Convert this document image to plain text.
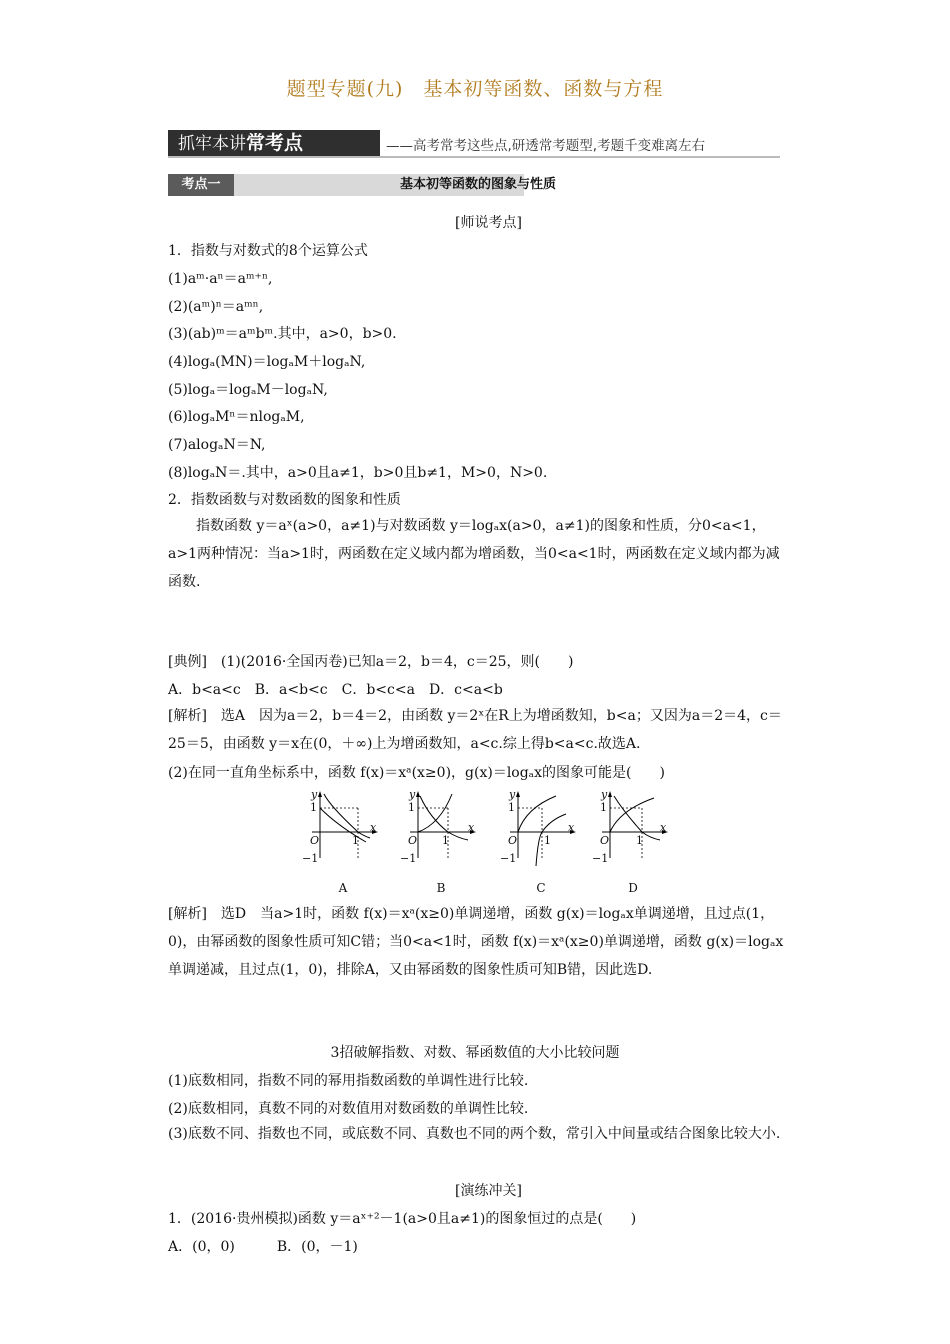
题型专题(九)　基本初等函数、函数与方程
抓牢本讲常考点	——高考常考这些点,研透常考题型,考题千变难离左右
考点一	基本初等函数的图象与性质
[师说考点]
1．指数与对数式的8个运算公式
(1)aᵐ·aⁿ＝aᵐ⁺ⁿ,
(2)(aᵐ)ⁿ＝aᵐⁿ,
(3)(ab)ᵐ＝aᵐbᵐ.其中，a>0，b>0.
(4)logₐ(MN)＝logₐM＋logₐN,
(5)logₐ＝logₐM－logₐN,
(6)logₐMⁿ＝nlogₐM,
(7)alogₐN＝N,
(8)logₐN＝.其中，a>0且a≠1，b>0且b≠1，M>0，N>0.
2．指数函数与对数函数的图象和性质
指数函数 y＝aˣ(a>0，a≠1)与对数函数 y＝logₐx(a>0，a≠1)的图象和性质，分0<a<1，a>1两种情况：当a>1时，两函数在定义域内都为增函数，当0<a<1时，两函数在定义域内都为减函数.
[典例]　(1)(2016·全国丙卷)已知a＝2，b＝4，c＝25，则(　　)
A．b<a<c　B．a<b<c　C．b<c<a　D．c<a<b
[解析]　选A　因为a＝2，b＝4＝2，由函数 y＝2ˣ在R上为增函数知，b<a；又因为a＝2＝4，c＝25＝5，由函数 y＝x在(0，＋∞)上为增函数知，a<c.综上得b<a<c.故选A.
(2)在同一直角坐标系中，函数 f(x)＝xᵃ(x≥0)，g(x)＝logₐx的图象可能是(　　)
y
x
1
O	1
−1
A
y
x
1
O 1
−1
B
y
x
1
O 1
−1
C
y
x
1
O 1
−1
D
[解析]　选D　当a>1时，函数 f(x)＝xᵃ(x≥0)单调递增，函数 g(x)＝logₐx单调递增，且过点(1，0)，由幂函数的图象性质可知C错；当0<a<1时，函数 f(x)＝xᵃ(x≥0)单调递增，函数 g(x)＝logₐx单调递减，且过点(1，0)，排除A，又由幂函数的图象性质可知B错，因此选D.
3招破解指数、对数、幂函数值的大小比较问题
(1)底数相同，指数不同的幂用指数函数的单调性进行比较.
(2)底数相同，真数不同的对数值用对数函数的单调性比较.
(3)底数不同、指数也不同，或底数不同、真数也不同的两个数，常引入中间量或结合图象比较大小.
[演练冲关]
1．(2016·贵州模拟)函数 y＝aˣ⁺²－1(a>0且a≠1)的图象恒过的点是(　　)
A．(0，0)　　　B．(0，－1)
